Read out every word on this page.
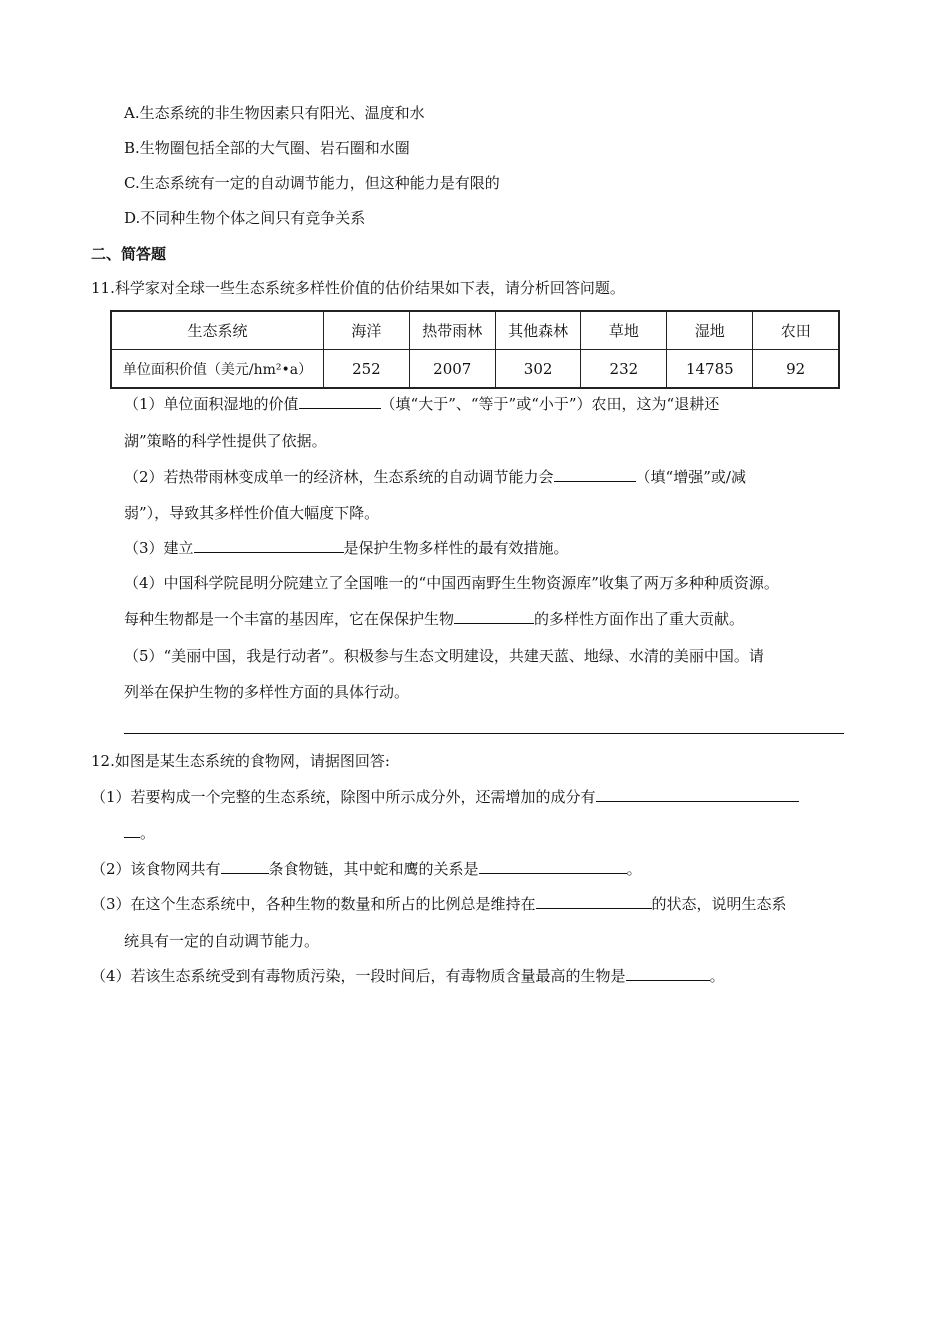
A.生态系统的非生物因素只有阳光、温度和水
B.生物圈包括全部的大气圈、岩石圈和水圈
C.生态系统有一定的自动调节能力，但这种能力是有限的
D.不同种生物个体之间只有竞争关系
二、简答题
11.科学家对全球一些生态系统多样性价值的估价结果如下表，请分析回答问题。
生态系统	海洋	热带雨林	其他森林	草地	湿地	农田
单位面积价值（美元/hm²•a）	252	2007	302	232	14785	92
（1）单位面积湿地的价值	（填“大于”、“等于”或“小于”）农田，这为“退耕还
湖”策略的科学性提供了依据。
（2）若热带雨林变成单一的经济林，生态系统的自动调节能力会	（填“增强”或/减
弱”），导致其多样性价值大幅度下降。
（3）建立	是保护生物多样性的最有效措施。
（4）中国科学院昆明分院建立了全国唯一的“中国西南野生生物资源库”收集了两万多种种质资源。
每种生物都是一个丰富的基因库，它在保保护生物	的多样性方面作出了重大贡献。
（5）“美丽中国，我是行动者”。积极参与生态文明建设，共建天蓝、地绿、水清的美丽中国。请
列举在保护生物的多样性方面的具体行动。
12.如图是某生态系统的食物网，请据图回答:
（1）若要构成一个完整的生态系统，除图中所示成分外，还需增加的成分有
。
（2）该食物网共有	条食物链，其中蛇和鹰的关系是	。
（3）在这个生态系统中，各种生物的数量和所占的比例总是维持在	的状态，说明生态系
统具有一定的自动调节能力。
（4）若该生态系统受到有毒物质污染，一段时间后，有毒物质含量最高的生物是	。
